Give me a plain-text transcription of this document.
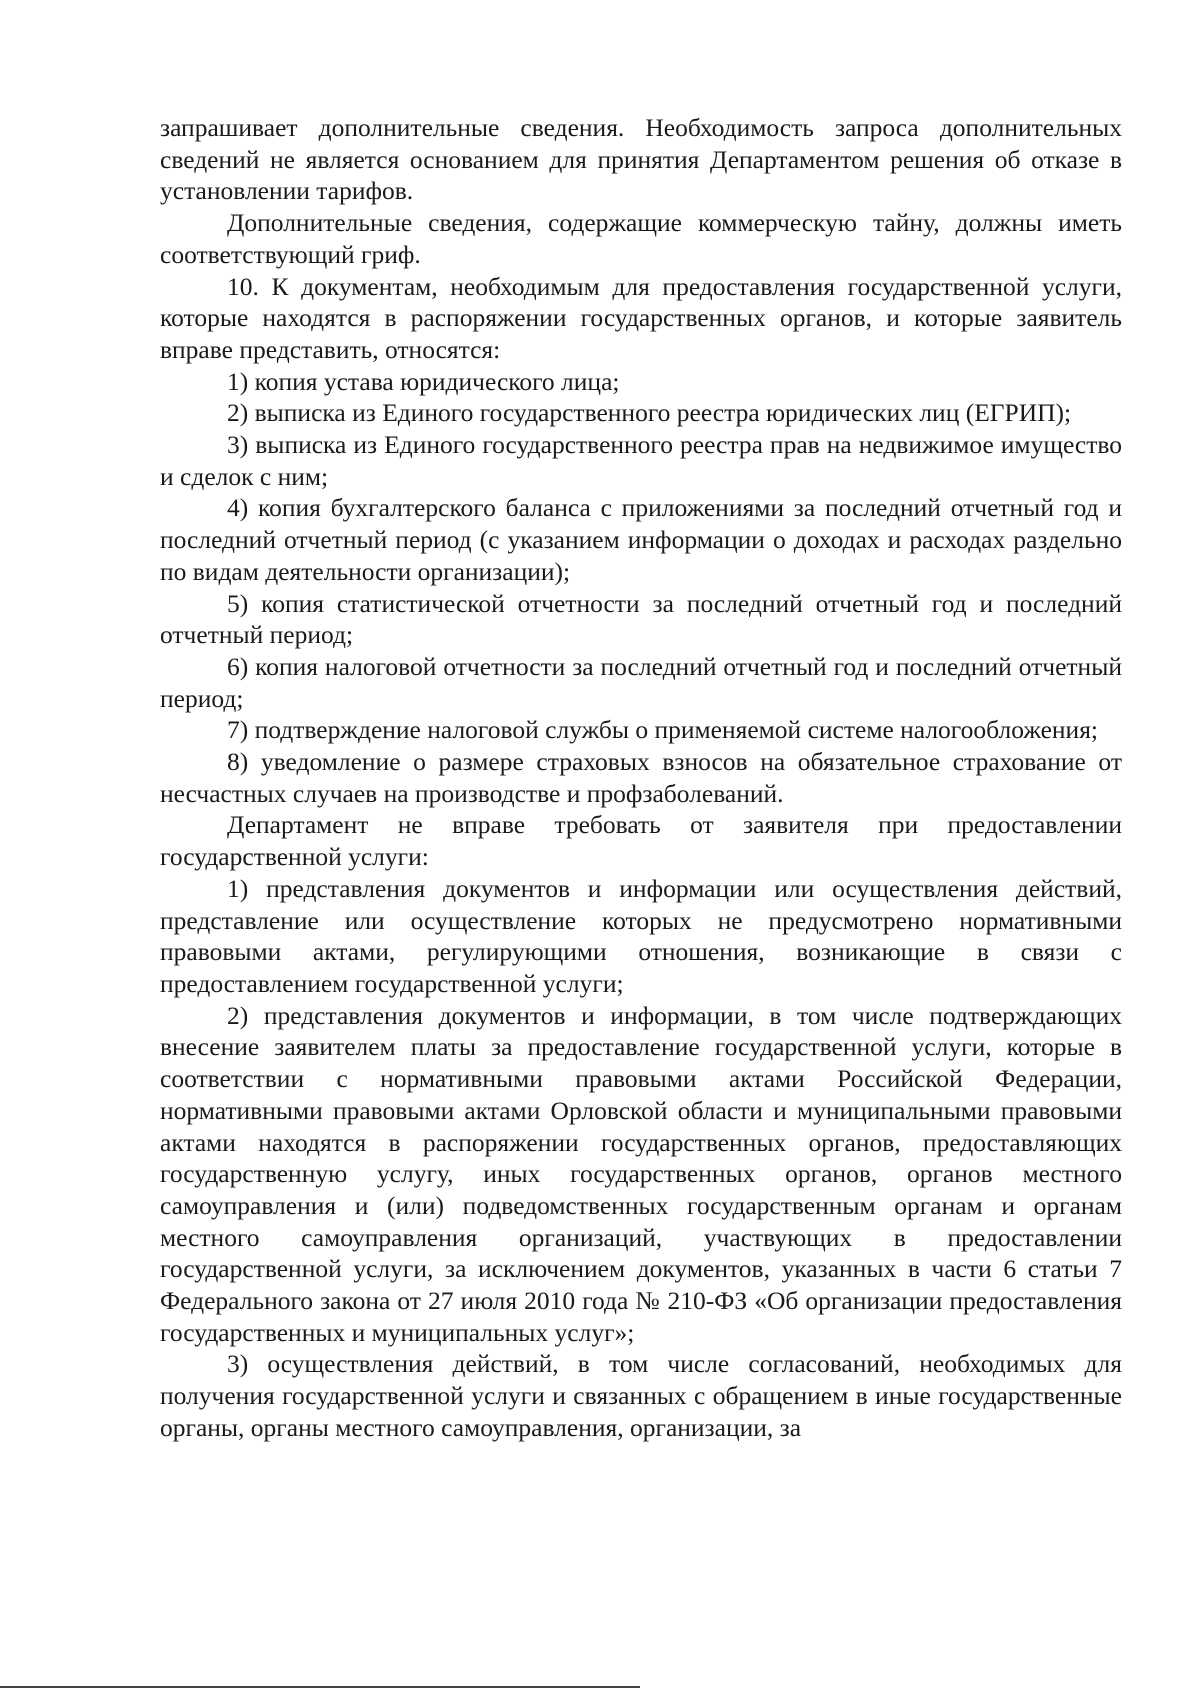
запрашивает дополнительные сведения. Необходимость запроса дополнительных сведений не является основанием для принятия Департаментом решения об отказе в установлении тарифов.

Дополнительные сведения, содержащие коммерческую тайну, должны иметь соответствующий гриф.

10. К документам, необходимым для предоставления государственной услуги, которые находятся в распоряжении государственных органов, и которые заявитель вправе представить, относятся:

1) копия устава юридического лица;

2) выписка из Единого государственного реестра юридических лиц (ЕГРИП);

3) выписка из Единого государственного реестра прав на недвижимое имущество и сделок с ним;

4) копия бухгалтерского баланса с приложениями за последний отчетный год и последний отчетный период (с указанием информации о доходах и расходах раздельно по видам деятельности организации);

5) копия статистической отчетности за последний отчетный год и последний отчетный период;

6) копия налоговой отчетности за последний отчетный год и последний отчетный период;

7) подтверждение налоговой службы о применяемой системе налогообложения;

8) уведомление о размере страховых взносов на обязательное страхование от несчастных случаев на производстве и профзаболеваний.

Департамент не вправе требовать от заявителя при предоставлении государственной услуги:

1) представления документов и информации или осуществления действий, представление или осуществление которых не предусмотрено нормативными правовыми актами, регулирующими отношения, возникающие в связи с предоставлением государственной услуги;

2) представления документов и информации, в том числе подтверждающих внесение заявителем платы за предоставление государственной услуги, которые в соответствии с нормативными правовыми актами Российской Федерации, нормативными правовыми актами Орловской области и муниципальными правовыми актами находятся в распоряжении государственных органов, предоставляющих государственную услугу, иных государственных органов, органов местного самоуправления и (или) подведомственных государственным органам и органам местного самоуправления организаций, участвующих в предоставлении государственной услуги, за исключением документов, указанных в части 6 статьи 7 Федерального закона от 27 июля 2010 года № 210-ФЗ «Об организации предоставления государственных и муниципальных услуг»;

3) осуществления действий, в том числе согласований, необходимых для получения государственной услуги и связанных с обращением в иные государственные органы, органы местного самоуправления, организации, за
